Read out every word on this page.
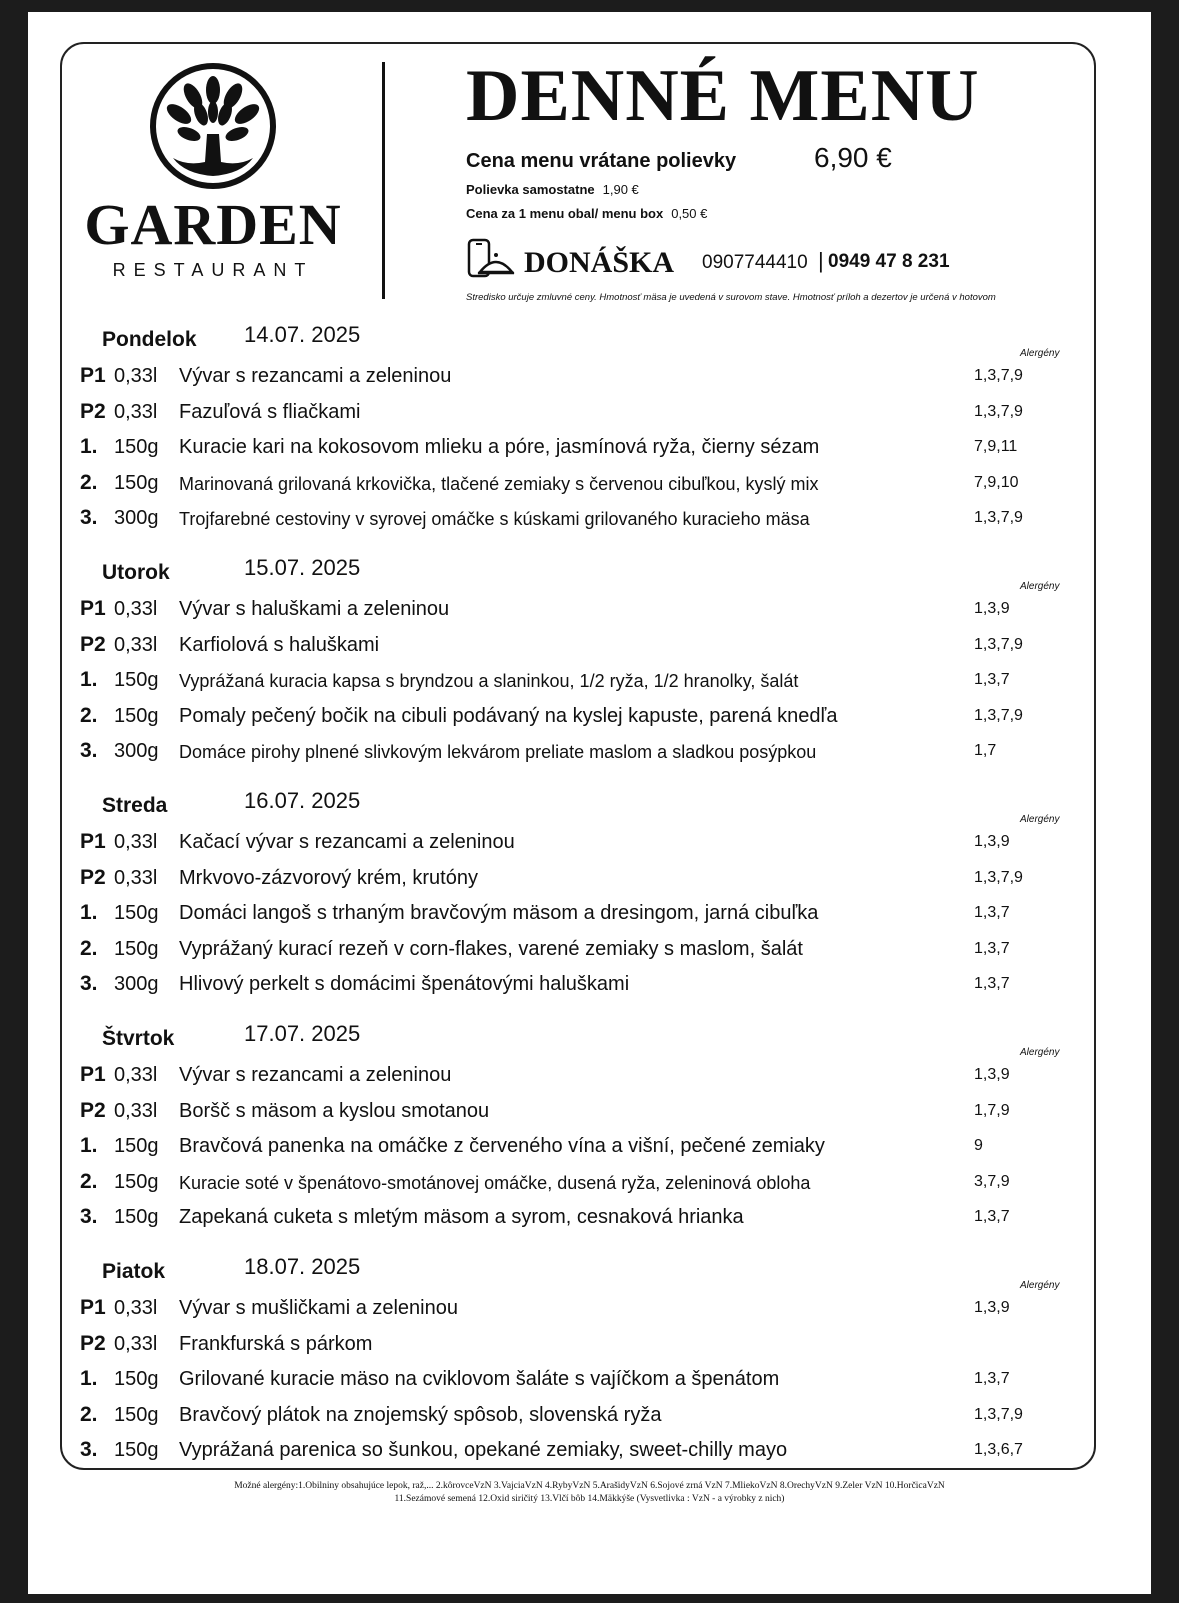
GARDEN
RESTAURANT
DENNÉ MENU
Cena menu vrátane polievky	6,90 €
Polievka samostatne 1,90 €
Cena za 1 menu obal/ menu box 0,50 €
DONÁŠKA 0907744410 | 0949 47 8 231
Stredisko určuje zmluvné ceny. Hmotnosť mäsa je uvedená v surovom stave. Hmotnosť príloh a dezertov je určená v hotovom
Pondelok 14.07. 2025
Alergény
P1 0,33l Vývar s rezancami a zeleninou	1,3,7,9
P2 0,33l Fazuľová s fliačkami	1,3,7,9
1. 150g Kuracie kari na kokosovom mlieku a póre, jasmínová ryža, čierny sézam	7,9,11
2. 150g Marinovaná grilovaná krkovička, tlačené zemiaky s červenou cibuľkou, kyslý mix	7,9,10
3. 300g Trojfarebné cestoviny v syrovej omáčke s kúskami grilovaného kuracieho mäsa	1,3,7,9
Utorok	15.07. 2025
Alergény
P1 0,33l Vývar s haluškami a zeleninou	1,3,9
P2 0,33l Karfiolová s haluškami	1,3,7,9
1. 150g Vyprážaná kuracia kapsa s bryndzou a slaninkou, 1/2 ryža, 1/2 hranolky, šalát	1,3,7
2. 150g Pomaly pečený bočik na cibuli podávaný na kyslej kapuste, parená knedľa	1,3,7,9
3. 300g Domáce pirohy plnené slivkovým lekvárom preliate maslom a sladkou posýpkou	1,7
Streda	16.07. 2025
Alergény
P1 0,33l Kačací vývar s rezancami a zeleninou	1,3,9
P2 0,33l Mrkvovo-zázvorový krém, krutóny	1,3,7,9
1. 150g Domáci langoš s trhaným bravčovým mäsom a dresingom, jarná cibuľka	1,3,7
2. 150g Vyprážaný kurací rezeň v corn-flakes, varené zemiaky s maslom, šalát	1,3,7
3. 300g Hlivový perkelt s domácimi špenátovými haluškami	1,3,7
Štvrtok	17.07. 2025
Alergény
P1 0,33l Vývar s rezancami a zeleninou	1,3,9
P2 0,33l Boršč s mäsom a kyslou smotanou	1,7,9
1. 150g Bravčová panenka na omáčke z červeného vína a višní, pečené zemiaky	9
2. 150g Kuracie soté v špenátovo-smotánovej omáčke, dusená ryža, zeleninová obloha	3,7,9
3. 150g Zapekaná cuketa s mletým mäsom a syrom, cesnaková hrianka	1,3,7
Piatok	18.07. 2025
Alergény
P1 0,33l Vývar s mušličkami a zeleninou	1,3,9
P2 0,33l Frankfurská s párkom
1. 150g Grilované kuracie mäso na cviklovom šaláte s vajíčkom a špenátom	1,3,7
2. 150g Bravčový plátok na znojemský spôsob, slovenská ryža	1,3,7,9
3. 150g Vyprážaná parenica so šunkou, opekané zemiaky, sweet-chilly mayo	1,3,6,7
Možné alergény:1.Obilniny obsahujúce lepok, raž,... 2.kôrovceVzN 3.VajciaVzN 4.RybyVzN 5.ArašidyVzN 6.Sojové zrná VzN 7.MliekoVzN 8.OrechyVzN 9.Zeler VzN 10.HorčicaVzN
11.Sezámové semená 12.Oxid siričitý 13.Vlčí bôb 14.Mäkkýše (Vysvetlivka : VzN - a výrobky z nich)
